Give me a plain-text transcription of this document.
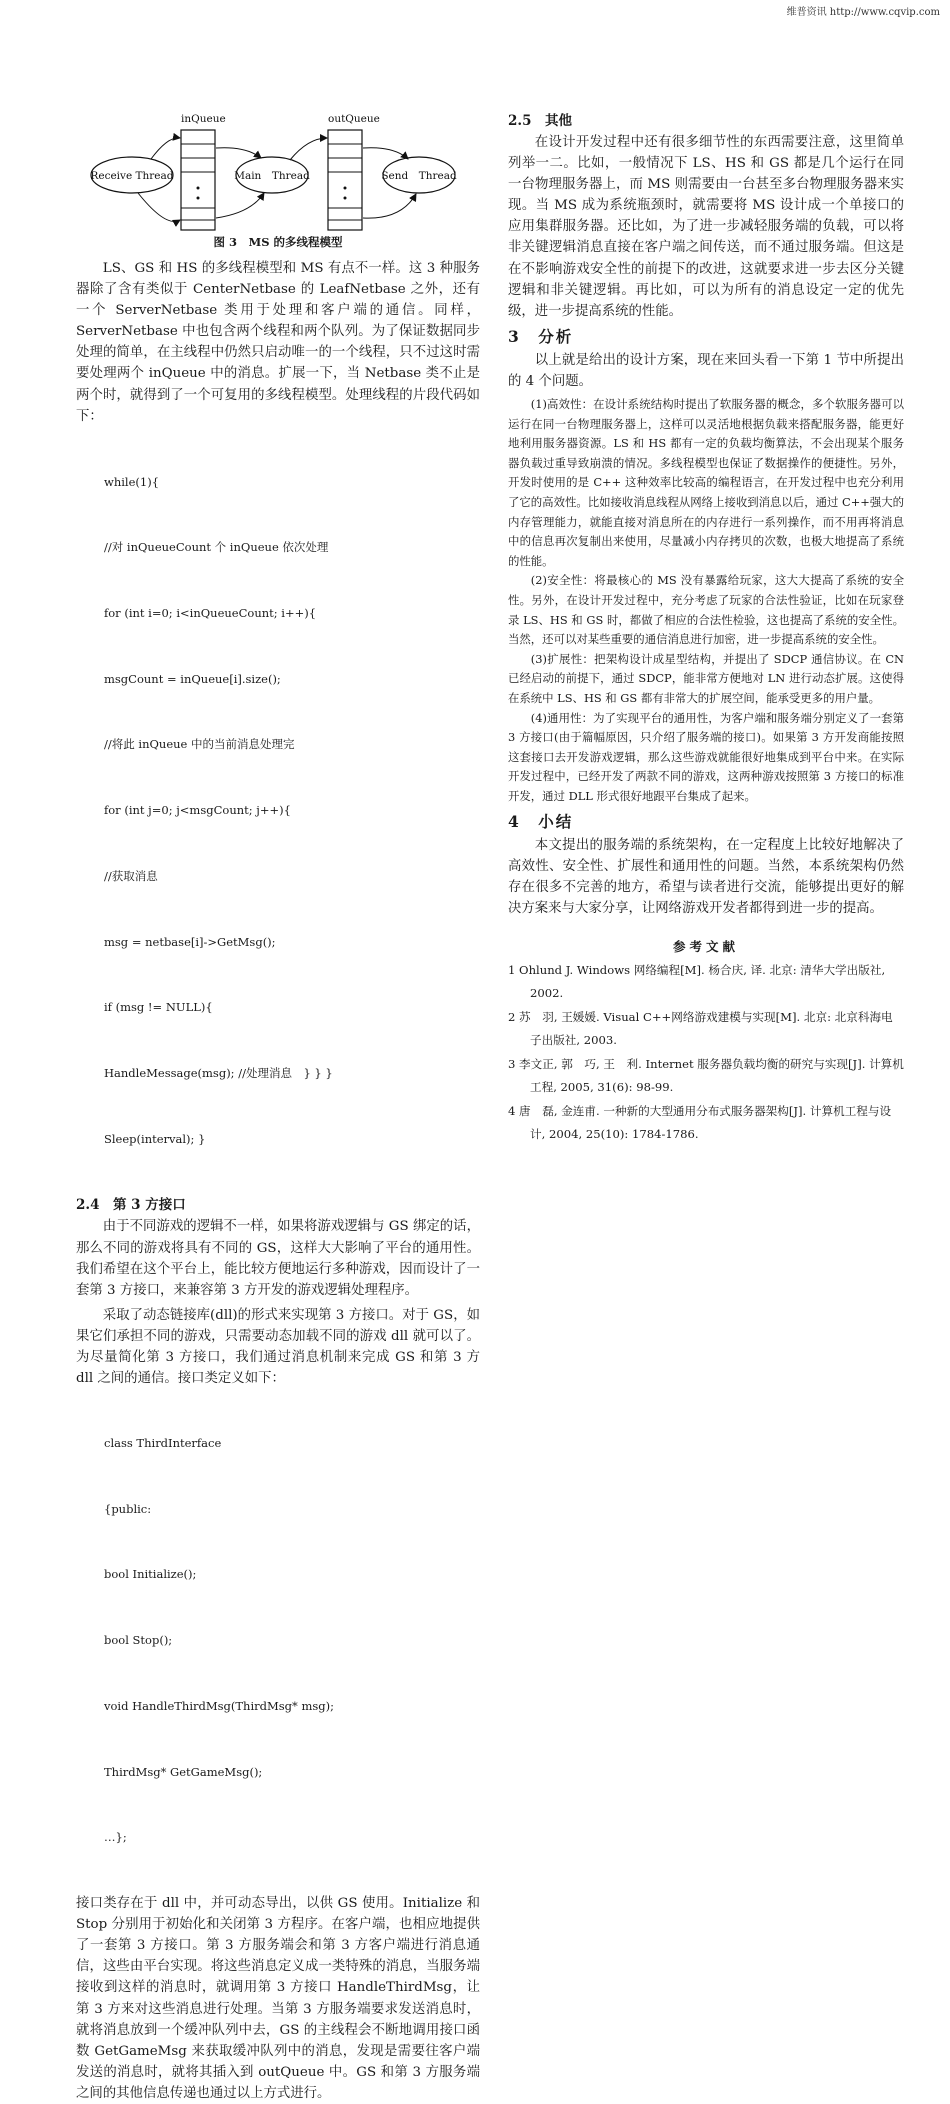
维普资讯 http://www.cqvip.com
inQueue	outQueue
Receive Thread	Main　Thread	Send　Thread
图 3　MS 的多线程模型

LS、GS 和 HS 的多线程模型和 MS 有点不一样。这 3 种服务器除了含有类似于 CenterNetbase 的 LeafNetbase 之外，还有一个 ServerNetbase 类用于处理和客户端的通信。同样，ServerNetbase 中也包含两个线程和两个队列。为了保证数据同步处理的简单，在主线程中仍然只启动唯一的一个线程，只不过这时需要处理两个 inQueue 中的消息。扩展一下，当 Netbase 类不止是两个时，就得到了一个可复用的多线程模型。处理线程的片段代码如下：

while(1){

//对 inQueueCount 个 inQueue 依次处理

for (int i=0; i<inQueueCount; i++){

msgCount = inQueue[i].size();

//将此 inQueue 中的当前消息处理完

for (int j=0; j<msgCount; j++){

//获取消息

msg = netbase[i]->GetMsg();

if (msg != NULL){

HandleMessage(msg); //处理消息　} } }

Sleep(interval); }

2.4　第 3 方接口

由于不同游戏的逻辑不一样，如果将游戏逻辑与 GS 绑定的话，那么不同的游戏将具有不同的 GS，这样大大影响了平台的通用性。我们希望在这个平台上，能比较方便地运行多种游戏，因而设计了一套第 3 方接口，来兼容第 3 方开发的游戏逻辑处理程序。

采取了动态链接库(dll)的形式来实现第 3 方接口。对于 GS，如果它们承担不同的游戏，只需要动态加载不同的游戏 dll 就可以了。为尽量简化第 3 方接口，我们通过消息机制来完成 GS 和第 3 方 dll 之间的通信。接口类定义如下：

class ThirdInterface

{public:

bool Initialize();

bool Stop();

void HandleThirdMsg(ThirdMsg* msg);

ThirdMsg* GetGameMsg();

…};

接口类存在于 dll 中，并可动态导出，以供 GS 使用。Initialize 和 Stop 分别用于初始化和关闭第 3 方程序。在客户端，也相应地提供了一套第 3 方接口。第 3 方服务端会和第 3 方客户端进行消息通信，这些由平台实现。将这些消息定义成一类特殊的消息，当服务端接收到这样的消息时，就调用第 3 方接口 HandleThirdMsg，让第 3 方来对这些消息进行处理。当第 3 方服务端要求发送消息时，就将消息放到一个缓冲队列中去，GS 的主线程会不断地调用接口函数 GetGameMsg 来获取缓冲队列中的消息，发现是需要往客户端发送的消息时，就将其插入到 outQueue 中。GS 和第 3 方服务端之间的其他信息传递也通过以上方式进行。

2.5　其他

在设计开发过程中还有很多细节性的东西需要注意，这里简单列举一二。比如，一般情况下 LS、HS 和 GS 都是几个运行在同一台物理服务器上，而 MS 则需要由一台甚至多台物理服务器来实现。当 MS 成为系统瓶颈时，就需要将 MS 设计成一个单接口的应用集群服务器。还比如，为了进一步减轻服务端的负载，可以将非关键逻辑消息直接在客户端之间传送，而不通过服务端。但这是在不影响游戏安全性的前提下的改进，这就要求进一步去区分关键逻辑和非关键逻辑。再比如，可以为所有的消息设定一定的优先级，进一步提高系统的性能。

3　分析

以上就是给出的设计方案，现在来回头看一下第 1 节中所提出的 4 个问题。

(1)高效性：在设计系统结构时提出了软服务器的概念，多个软服务器可以运行在同一台物理服务器上，这样可以灵活地根据负载来搭配服务器，能更好地利用服务器资源。LS 和 HS 都有一定的负载均衡算法，不会出现某个服务器负载过重导致崩溃的情况。多线程模型也保证了数据操作的便捷性。另外，开发时使用的是 C++ 这种效率比较高的编程语言，在开发过程中也充分利用了它的高效性。比如接收消息线程从网络上接收到消息以后，通过 C++强大的内存管理能力，就能直接对消息所在的内存进行一系列操作，而不用再将消息中的信息再次复制出来使用，尽量减小内存拷贝的次数，也极大地提高了系统的性能。

(2)安全性：将最核心的 MS 没有暴露给玩家，这大大提高了系统的安全性。另外，在设计开发过程中，充分考虑了玩家的合法性验证，比如在玩家登录 LS、HS 和 GS 时，都做了相应的合法性检验，这也提高了系统的安全性。当然，还可以对某些重要的通信消息进行加密，进一步提高系统的安全性。

(3)扩展性：把架构设计成星型结构，并提出了 SDCP 通信协议。在 CN 已经启动的前提下，通过 SDCP，能非常方便地对 LN 进行动态扩展。这使得在系统中 LS、HS 和 GS 都有非常大的扩展空间，能承受更多的用户量。

(4)通用性：为了实现平台的通用性，为客户端和服务端分别定义了一套第 3 方接口(由于篇幅原因，只介绍了服务端的接口)。如果第 3 方开发商能按照这套接口去开发游戏逻辑，那么这些游戏就能很好地集成到平台中来。在实际开发过程中，已经开发了两款不同的游戏，这两种游戏按照第 3 方接口的标准开发，通过 DLL 形式很好地跟平台集成了起来。

4　小结

本文提出的服务端的系统架构，在一定程度上比较好地解决了高效性、安全性、扩展性和通用性的问题。当然，本系统架构仍然存在很多不完善的地方，希望与读者进行交流，能够提出更好的解决方案来与大家分享，让网络游戏开发者都得到进一步的提高。

参考文献

1 Ohlund J. Windows 网络编程[M]. 杨合庆, 译. 北京: 清华大学出版社, 2002.

2 苏　羽, 王媛媛. Visual C++网络游戏建模与实现[M]. 北京: 北京科海电子出版社, 2003.

3 李文正, 郭　巧, 王　利. Internet 服务器负载均衡的研究与实现[J]. 计算机工程, 2005, 31(6): 98-99.

4 唐　磊, 金连甫. 一种新的大型通用分布式服务器架构[J]. 计算机工程与设计, 2004, 25(10): 1784-1786.
